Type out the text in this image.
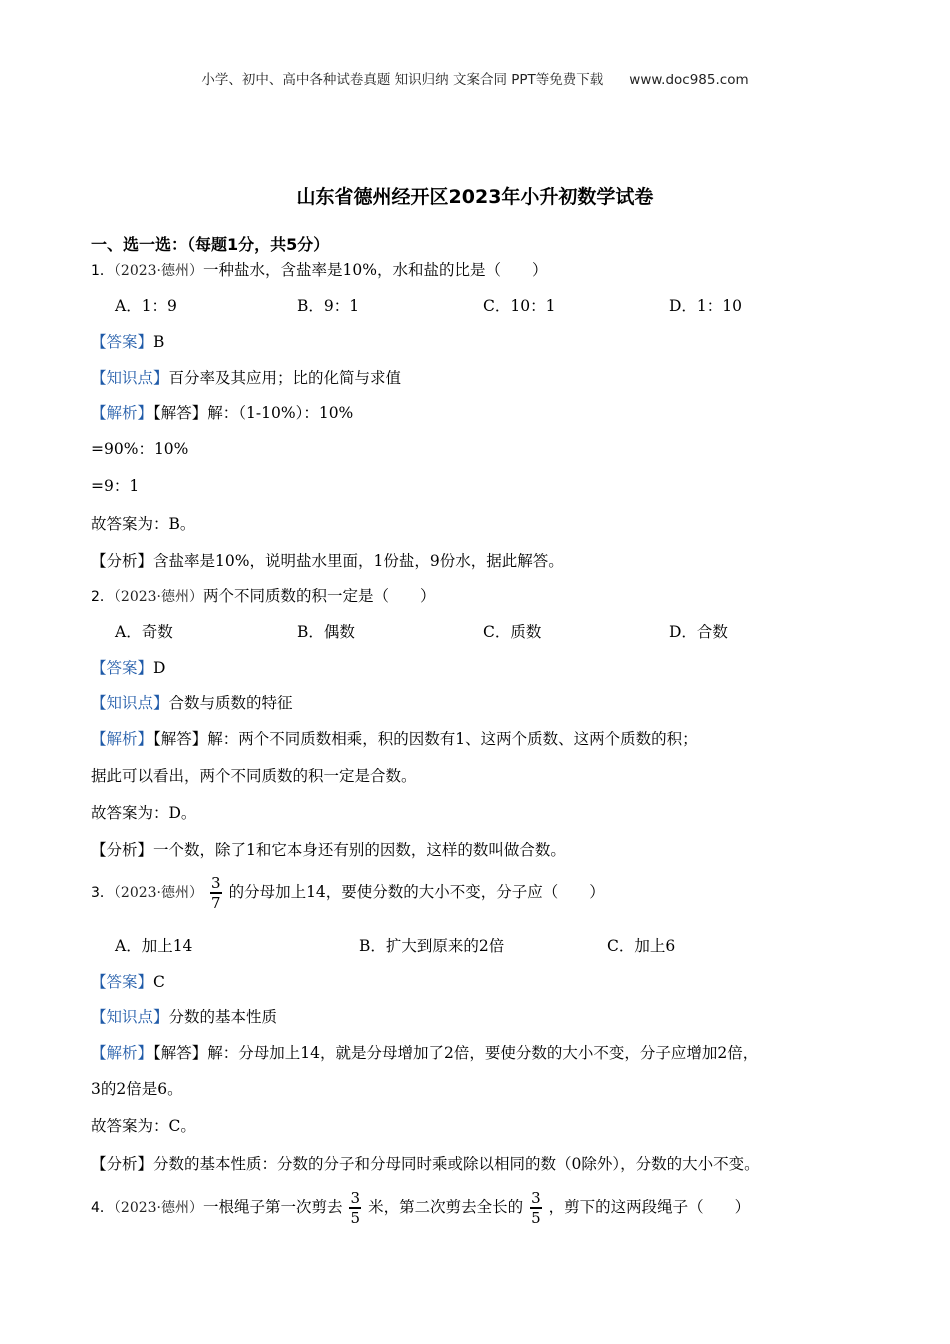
小学、初中、高中各种试卷真题 知识归纳 文案合同 PPT等免费下载 www.doc985.com
山东省德州经开区2023年小升初数学试卷
一、选一选：（每题1分，共5分）
1．（2023·德州）一种盐水，含盐率是10%，水和盐的比是（　　）
A．1：9	B．9：1	C．10：1	D．1：10
【答案】B
【知识点】百分率及其应用；比的化简与求值
【解析】【解答】解：（1-10%）：10%
=90%：10%
=9：1
故答案为：B。
【分析】含盐率是10%，说明盐水里面，1份盐，9份水，据此解答。
2．（2023·德州）两个不同质数的积一定是（　　）
A．奇数	B．偶数	C．质数	D．合数
【答案】D
【知识点】合数与质数的特征
【解析】【解答】解：两个不同质数相乘，积的因数有1、这两个质数、这两个质数的积；
据此可以看出，两个不同质数的积一定是合数。
故答案为：D。
【分析】一个数，除了1和它本身还有别的因数，这样的数叫做合数。
3．（2023·德州） $\frac{3}{7}$ 的分母加上14，要使分数的大小不变，分子应（　　）
A．加上14	B．扩大到原来的2倍	C．加上6
【答案】C
【知识点】分数的基本性质
【解析】【解答】解：分母加上14，就是分母增加了2倍，要使分数的大小不变，分子应增加2倍，
3的2倍是6。
故答案为：C。
【分析】分数的基本性质：分数的分子和分母同时乘或除以相同的数（0除外），分数的大小不变。
4．（2023·德州）一根绳子第一次剪去 $\frac{3}{5}$ 米，第二次剪去全长的 $\frac{3}{5}$ ，剪下的这两段绳子（　　）
